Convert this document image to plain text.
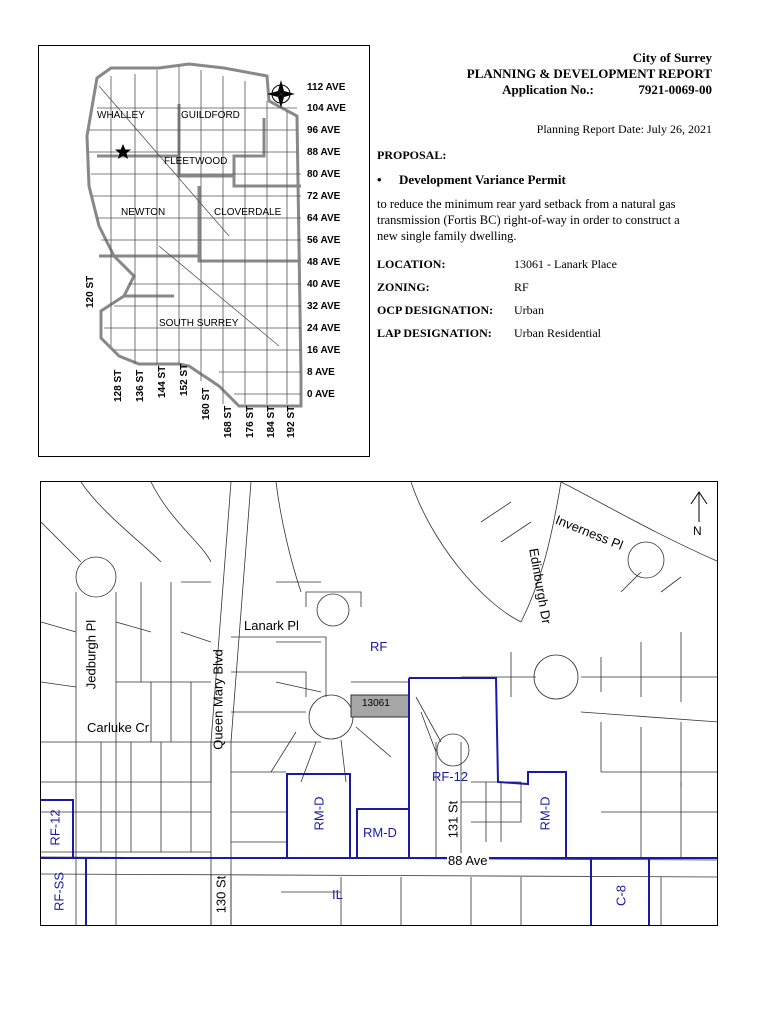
WHALLEY	GUILDFORD
FLEETWOOD
NEWTON	CLOVERDALE
SOUTH SURREY
112 AVE
104 AVE
96 AVE
88 AVE
80 AVE
72 AVE
64 AVE
56 AVE
48 AVE
40 AVE
32 AVE
24 AVE
16 AVE
8 AVE
0 AVE
120 ST
128 ST 136 ST 144 ST 152 ST
160 ST
168 ST 176 ST 184 ST 192 ST
City of Surrey
PLANNING & DEVELOPMENT REPORT
Application No.:	7921-0069-00
Planning Report Date: July 26, 2021
PROPOSAL:
• Development Variance Permit
to reduce the minimum rear yard setback from a natural gas transmission (Fortis BC) right-of-way in order to construct a new single family dwelling.
LOCATION:	13061 - Lanark Place
ZONING:	RF
OCP DESIGNATION: Urban
LAP DESIGNATION: Urban Residential
Lanark Pl
Jedburgh Pl
Carluke Cr	Queen Mary Blvd
Inverness Pl
Edinburgh Dr
131 St
88 Ave
130 St
RF
RF-12
RM-D
RM-D
RM-D
RF-12
RF-SS	IL	C-8
13061
N
